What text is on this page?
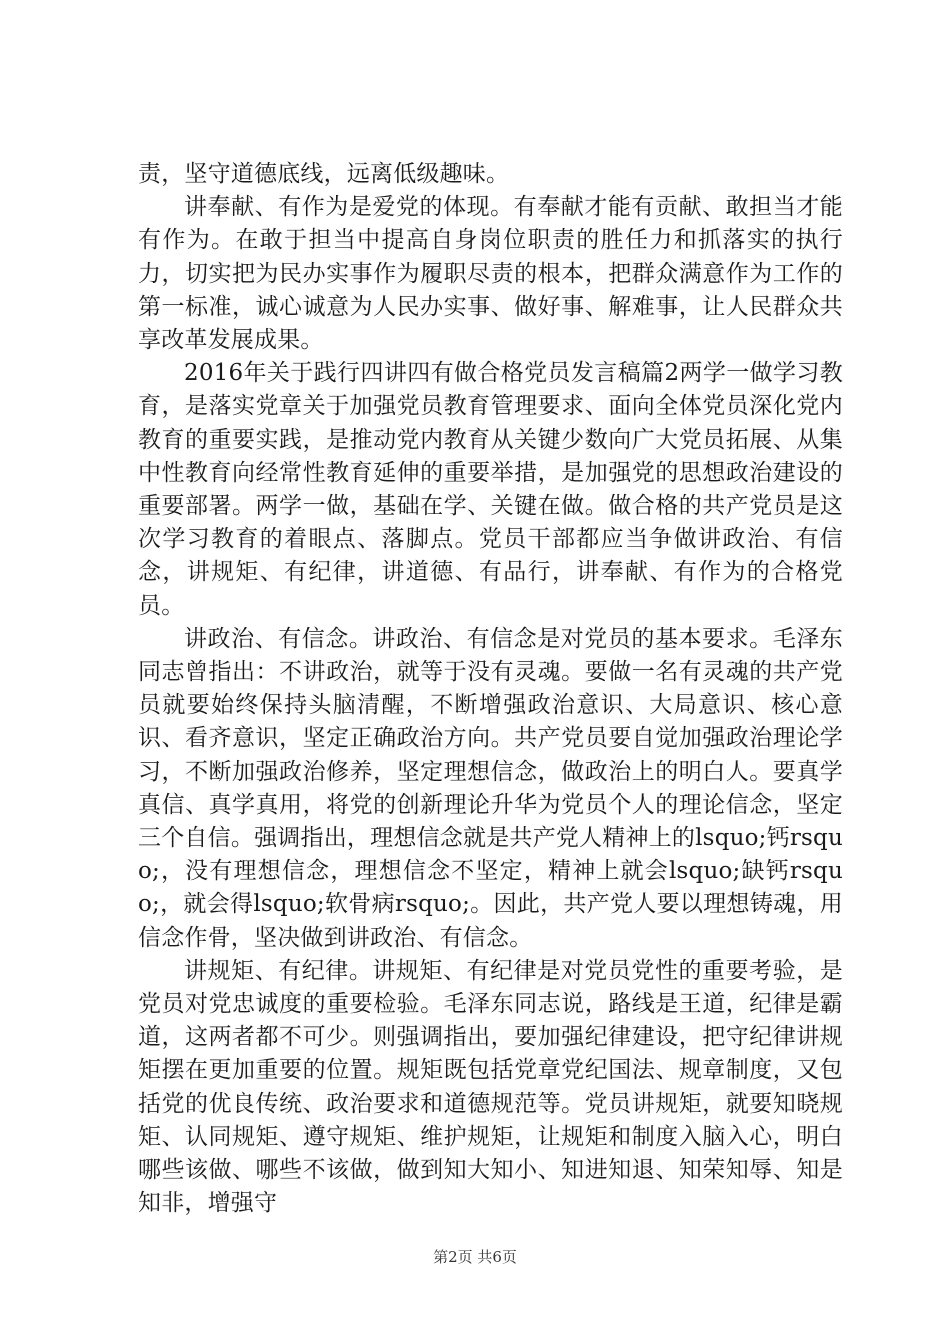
责，坚守道德底线，远离低级趣味。

讲奉献、有作为是爱党的体现。有奉献才能有贡献、敢担当才能有作为。在敢于担当中提高自身岗位职责的胜任力和抓落实的执行力，切实把为民办实事作为履职尽责的根本，把群众满意作为工作的第一标准，诚心诚意为人民办实事、做好事、解难事，让人民群众共享改革发展成果。

2016年关于践行四讲四有做合格党员发言稿篇2两学一做学习教育，是落实党章关于加强党员教育管理要求、面向全体党员深化党内教育的重要实践，是推动党内教育从关键少数向广大党员拓展、从集中性教育向经常性教育延伸的重要举措，是加强党的思想政治建设的重要部署。两学一做，基础在学、关键在做。做合格的共产党员是这次学习教育的着眼点、落脚点。党员干部都应当争做讲政治、有信念，讲规矩、有纪律，讲道德、有品行，讲奉献、有作为的合格党员。

讲政治、有信念。讲政治、有信念是对党员的基本要求。毛泽东同志曾指出：不讲政治，就等于没有灵魂。要做一名有灵魂的共产党员就要始终保持头脑清醒，不断增强政治意识、大局意识、核心意识、看齐意识，坚定正确政治方向。共产党员要自觉加强政治理论学习，不断加强政治修养，坚定理想信念，做政治上的明白人。要真学真信、真学真用，将党的创新理论升华为党员个人的理论信念，坚定三个自信。强调指出，理想信念就是共产党人精神上的lsquo;钙rsquo;，没有理想信念，理想信念不坚定，精神上就会lsquo;缺钙rsquo;，就会得lsquo;软骨病rsquo;。因此，共产党人要以理想铸魂，用信念作骨，坚决做到讲政治、有信念。

讲规矩、有纪律。讲规矩、有纪律是对党员党性的重要考验，是党员对党忠诚度的重要检验。毛泽东同志说，路线是王道，纪律是霸道，这两者都不可少。则强调指出，要加强纪律建设，把守纪律讲规矩摆在更加重要的位置。规矩既包括党章党纪国法、规章制度，又包括党的优良传统、政治要求和道德规范等。党员讲规矩，就要知晓规矩、认同规矩、遵守规矩、维护规矩，让规矩和制度入脑入心，明白哪些该做、哪些不该做，做到知大知小、知进知退、知荣知辱、知是知非，增强守

第2页 共6页
